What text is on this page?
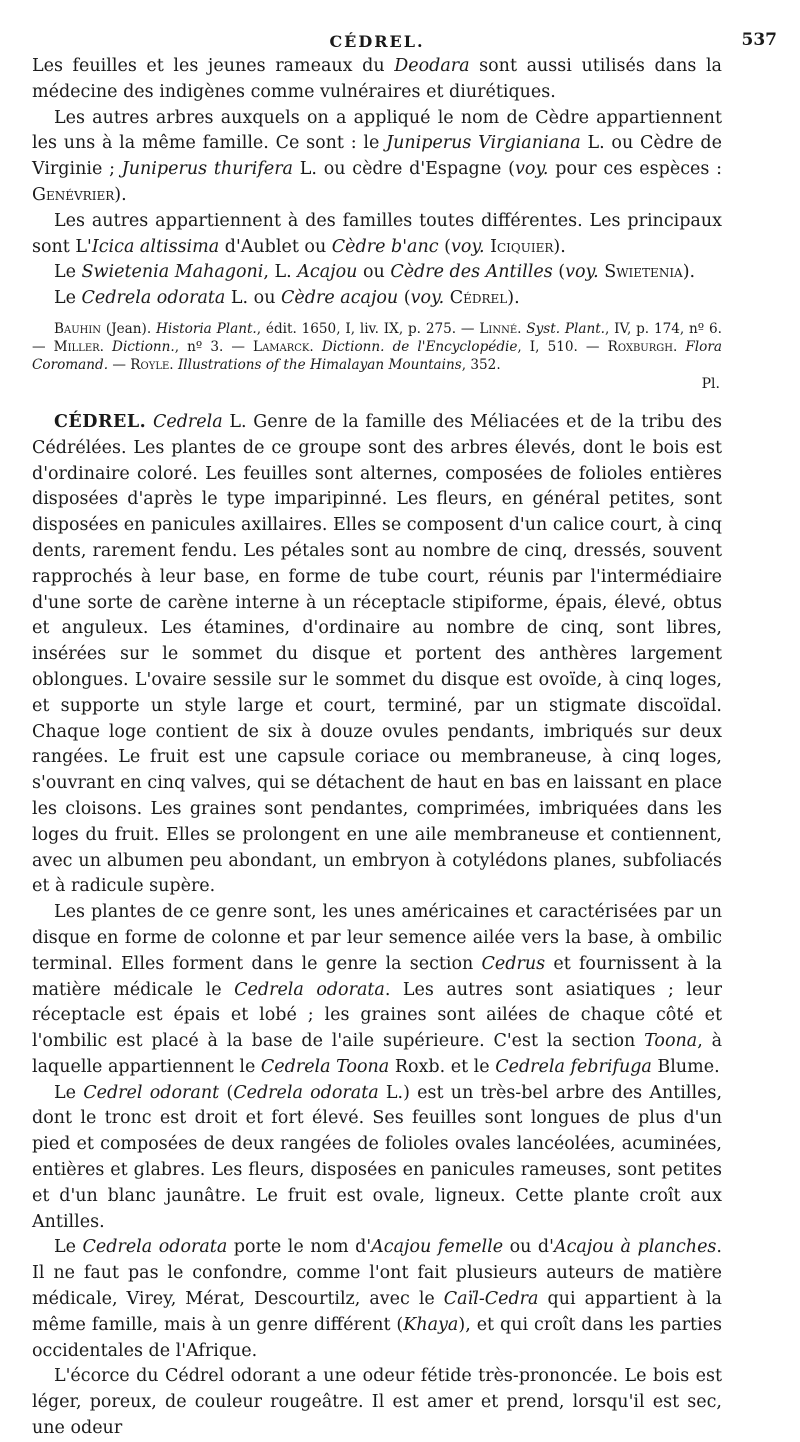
CÉDREL.	537

Les feuilles et les jeunes rameaux du Deodara sont aussi utilisés dans la médecine des indigènes comme vulnéraires et diurétiques.

Les autres arbres auxquels on a appliqué le nom de Cèdre appartiennent les uns à la même famille. Ce sont : le Juniperus Virgianiana L. ou Cèdre de Virginie ; Juniperus thurifera L. ou cèdre d'Espagne (voy. pour ces espèces : Genévrier).

Les autres appartiennent à des familles toutes différentes. Les principaux sont L'Icica altissima d'Aublet ou Cèdre b'anc (voy. Iciquier).

Le Swietenia Mahagoni, L. Acajou ou Cèdre des Antilles (voy. Swietenia).

Le Cedrela odorata L. ou Cèdre acajou (voy. Cédrel).

Bauhin (Jean). Historia Plant., édit. 1650, I, liv. IX, p. 275. — Linné. Syst. Plant., IV, p. 174, nº 6. — Miller. Dictionn., nº 3. — Lamarck. Dictionn. de l'Encyclopédie, I, 510. — Roxburgh. Flora Coromand. — Royle. Illustrations of the Himalayan Mountains, 352.
Pl.

CÉDREL. Cedrela L. Genre de la famille des Méliacées et de la tribu des Cédrélées. Les plantes de ce groupe sont des arbres élevés, dont le bois est d'ordinaire coloré. Les feuilles sont alternes, composées de folioles entières disposées d'après le type imparipinné. Les fleurs, en général petites, sont disposées en panicules axillaires. Elles se composent d'un calice court, à cinq dents, rarement fendu. Les pétales sont au nombre de cinq, dressés, souvent rapprochés à leur base, en forme de tube court, réunis par l'intermédiaire d'une sorte de carène interne à un réceptacle stipiforme, épais, élevé, obtus et anguleux. Les étamines, d'ordinaire au nombre de cinq, sont libres, insérées sur le sommet du disque et portent des anthères largement oblongues. L'ovaire sessile sur le sommet du disque est ovoïde, à cinq loges, et supporte un style large et court, terminé, par un stigmate discoïdal. Chaque loge contient de six à douze ovules pendants, imbriqués sur deux rangées. Le fruit est une capsule coriace ou membraneuse, à cinq loges, s'ouvrant en cinq valves, qui se détachent de haut en bas en laissant en place les cloisons. Les graines sont pendantes, comprimées, imbriquées dans les loges du fruit. Elles se prolongent en une aile membraneuse et contiennent, avec un albumen peu abondant, un embryon à cotylédons planes, subfoliacés et à radicule supère.

Les plantes de ce genre sont, les unes américaines et caractérisées par un disque en forme de colonne et par leur semence ailée vers la base, à ombilic terminal. Elles forment dans le genre la section Cedrus et fournissent à la matière médicale le Cedrela odorata. Les autres sont asiatiques ; leur réceptacle est épais et lobé ; les graines sont ailées de chaque côté et l'ombilic est placé à la base de l'aile supérieure. C'est la section Toona, à laquelle appartiennent le Cedrela Toona Roxb. et le Cedrela febrifuga Blume.

Le Cedrel odorant (Cedrela odorata L.) est un très-bel arbre des Antilles, dont le tronc est droit et fort élevé. Ses feuilles sont longues de plus d'un pied et composées de deux rangées de folioles ovales lancéolées, acuminées, entières et glabres. Les fleurs, disposées en panicules rameuses, sont petites et d'un blanc jaunâtre. Le fruit est ovale, ligneux. Cette plante croît aux Antilles.

Le Cedrela odorata porte le nom d'Acajou femelle ou d'Acajou à planches. Il ne faut pas le confondre, comme l'ont fait plusieurs auteurs de matière médicale, Virey, Mérat, Descourtilz, avec le Caïl-Cedra qui appartient à la même famille, mais à un genre différent (Khaya), et qui croît dans les parties occidentales de l'Afrique.

L'écorce du Cédrel odorant a une odeur fétide très-prononcée. Le bois est léger, poreux, de couleur rougeâtre. Il est amer et prend, lorsqu'il est sec, une odeur
